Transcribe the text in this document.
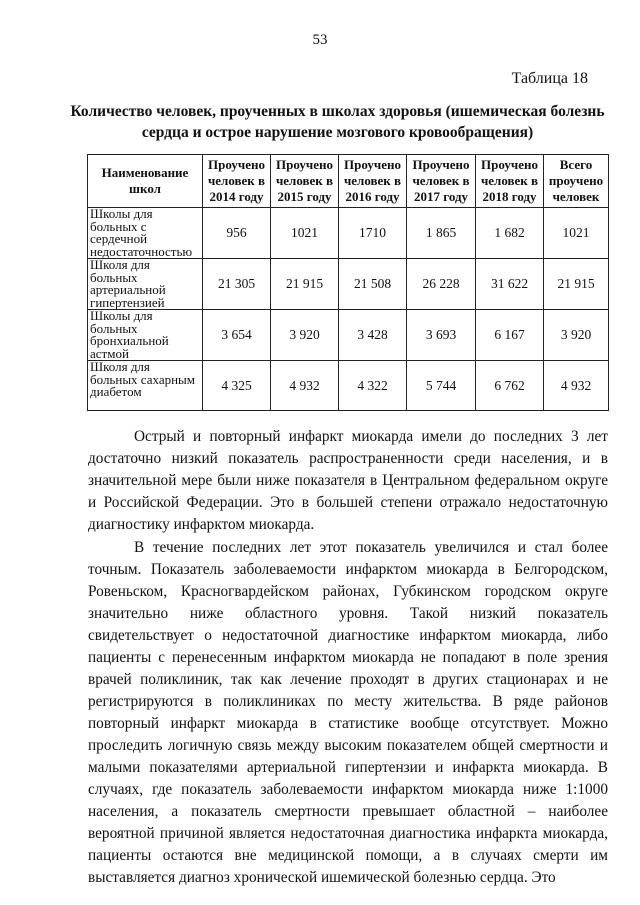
53
Таблица 18
Количество человек, проученных в школах здоровья (ишемическая болезнь сердца и острое нарушение мозгового кровообращения)
Наименование школ	Проучено человек в 2014 году	Проучено человек в 2015 году	Проучено человек в 2016 году	Проучено человек в 2017 году	Проучено человек в 2018 году	Всего проучено человек
Школы для больных с сердечной недостаточностью	956	1021	1710	1 865	1 682	1021
Школя для больных артериальной гипертензией	21 305	21 915	21 508	26 228	31 622	21 915
Школы для больных бронхиальной астмой	3 654	3 920	3 428	3 693	6 167	3 920
Школя для больных сахарным диабетом	4 325	4 932	4 322	5 744	6 762	4 932

Острый и повторный инфаркт миокарда имели до последних 3 лет достаточно низкий показатель распространенности среди населения, и в значительной мере были ниже показателя в Центральном федеральном округе и Российской Федерации. Это в большей степени отражало недостаточную диагностику инфарктом миокарда.

В течение последних лет этот показатель увеличился и стал более точным. Показатель заболеваемости инфарктом миокарда в Белгородском, Ровеньском, Красногвардейском районах, Губкинском городском округе значительно ниже областного уровня. Такой низкий показатель свидетельствует о недостаточной диагностике инфарктом миокарда, либо пациенты с перенесенным инфарктом миокарда не попадают в поле зрения врачей поликлиник, так как лечение проходят в других стационарах и не регистрируются в поликлиниках по месту жительства. В ряде районов повторный инфаркт миокарда в статистике вообще отсутствует. Можно проследить логичную связь между высоким показателем общей смертности и малыми показателями артериальной гипертензии и инфаркта миокарда. В случаях, где показатель заболеваемости инфарктом миокарда ниже 1:1000 населения, а показатель смертности превышает областной – наиболее вероятной причиной является недостаточная диагностика инфаркта миокарда, пациенты остаются вне медицинской помощи, а в случаях смерти им выставляется диагноз хронической ишемической болезнью сердца. Это
